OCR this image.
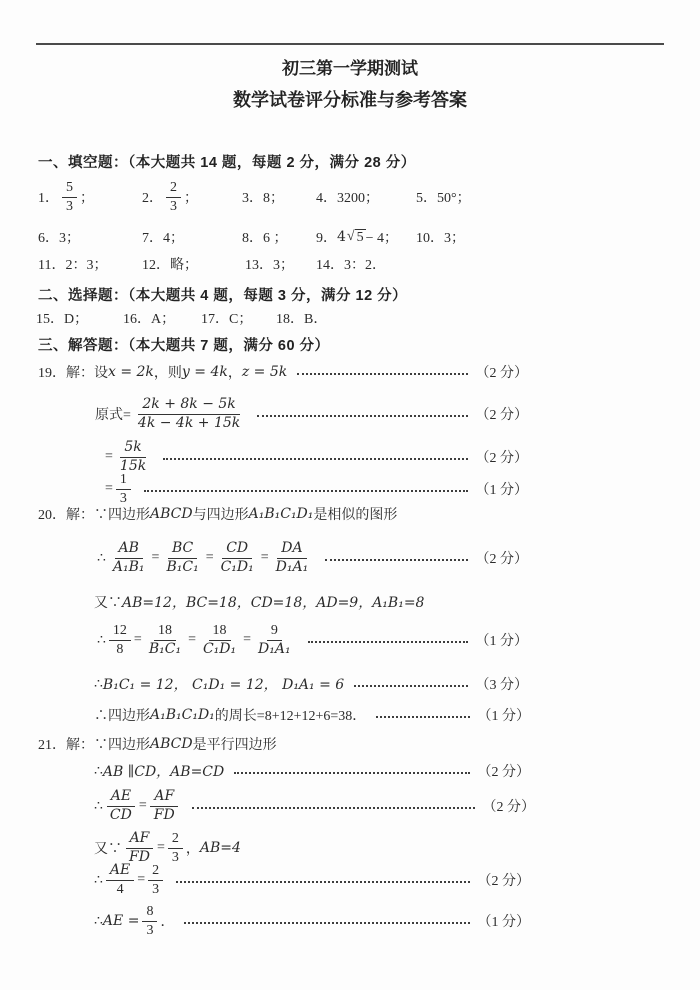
初三第一学期测试
数学试卷评分标准与参考答案
一、填空题：（本大题共 14 题，每题 2 分，满分 28 分）
1． $\frac{5}{3}$ ；	2． $\frac{2}{3}$ ；	3． 8； 4． 3200；	5． 50°；
6． 3；	7． 4；	8． 6 ； 9． 4 √ 5 − 4； 10． 3；
11． 2：3； 12． 略；	13． 3； 14． 3：2．
二、选择题：（本大题共 4 题，每题 3 分，满分 12 分）
15．D；	16．A；	17．C；	18．B．
三、解答题：（本大题共 7 题，满分 60 分）
19．解：设 x = 2k ，则 y = 4k ， z = 5k	（2 分）
原式= $\frac{2k + 8k - 5k}{4k - 4k + 15k}$	（2 分）
= $\frac{5k}{15k}$	（2 分）
= $\frac{1}{3}$	（1 分）
20．解：∵四边形 ABCD 与四边形 A₁B₁C₁D₁ 是相似的图形
∴ $\frac{AB}{\text{A₁B₁}} = \frac{BC}{\text{B₁C₁}} = \frac{CD}{\text{C₁D₁}} = \frac{DA}{\text{D₁A₁}}$	（2 分）
又∵ AB=12，BC=18，CD=18，AD=9，A₁B₁=8
∴ $\frac{12}{8} = \frac{18}{\text{B₁C₁}} = \frac{18}{\text{C₁D₁}} = \frac{9}{\text{D₁A₁}}$	（1 分）
∴ B₁C₁ = 12， C₁D₁ = 12， D₁A₁ = 6	（3 分）
∴四边形 A₁B₁C₁D₁ 的周长=8+12+12+6=38．	（1 分）
21．解：∵四边形 ABCD 是平行四边形
∴ AB ∥CD，AB=CD	（2 分）
∴ $\frac{AE}{CD} = \frac{AF}{FD}$	（2 分）
又∵ $\frac{AF}{FD} = \frac{2}{3}$ ， AB=4
∴ $\frac{AE}{4} = \frac{2}{3}$	（2 分）
∴ AE = $\frac{8}{3}$ ．	（1 分）
